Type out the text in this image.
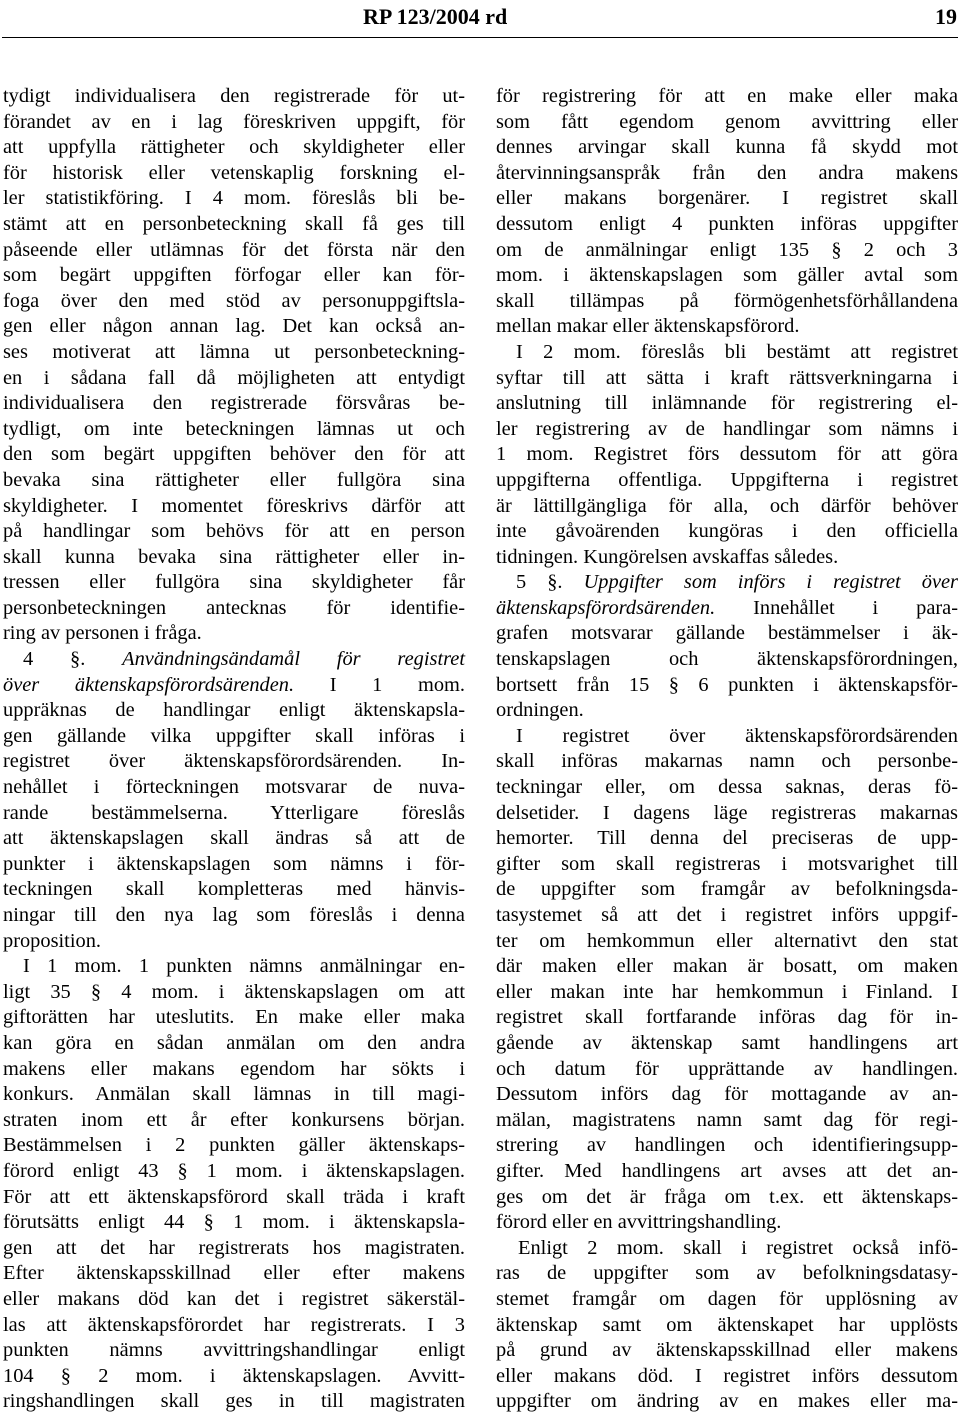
RP 123/2004 rd	19
tydigt individualisera den registrerade för ut-
förandet av en i lag föreskriven uppgift, för
att uppfylla rättigheter och skyldigheter eller
för historisk eller vetenskaplig forskning el-
ler statistikföring. I 4 mom. föreslås bli be-
stämt att en personbeteckning skall få ges till
påseende eller utlämnas för det första när den
som begärt uppgiften förfogar eller kan för-
foga över den med stöd av personuppgiftsla-
gen eller någon annan lag. Det kan också an-
ses motiverat att lämna ut personbeteckning-
en i sådana fall då möjligheten att entydigt
individualisera den registrerade försvåras be-
tydligt, om inte beteckningen lämnas ut och
den som begärt uppgiften behöver den för att
bevaka sina rättigheter eller fullgöra sina
skyldigheter. I momentet föreskrivs därför att
på handlingar som behövs för att en person
skall kunna bevaka sina rättigheter eller in-
tressen eller fullgöra sina skyldigheter får
personbeteckningen antecknas för identifie-
ring av personen i fråga.
4 §. Användningsändamål för registret
över äktenskapsförordsärenden. I 1 mom.
uppräknas de handlingar enligt äktenskapsla-
gen gällande vilka uppgifter skall införas i
registret över äktenskapsförordsärenden. In-
nehållet i förteckningen motsvarar de nuva-
rande bestämmelserna. Ytterligare föreslås
att äktenskapslagen skall ändras så att de
punkter i äktenskapslagen som nämns i för-
teckningen skall kompletteras med hänvis-
ningar till den nya lag som föreslås i denna
proposition.
I 1 mom. 1 punkten nämns anmälningar en-
ligt 35 § 4 mom. i äktenskapslagen om att
giftorätten har uteslutits. En make eller maka
kan göra en sådan anmälan om den andra
makens eller makans egendom har sökts i
konkurs. Anmälan skall lämnas in till magi-
straten inom ett år efter konkursens början.
Bestämmelsen i 2 punkten gäller äktenskaps-
förord enligt 43 § 1 mom. i äktenskapslagen.
För att ett äktenskapsförord skall träda i kraft
förutsätts enligt 44 § 1 mom. i äktenskapsla-
gen att det har registrerats hos magistraten.
Efter äktenskapsskillnad eller efter makens
eller makans död kan det i registret säkerstäl-
las att äktenskapsförordet har registrerats. I 3
punkten nämns avvittringshandlingar enligt
104 § 2 mom. i äktenskapslagen. Avvitt-
ringshandlingen skall ges in till magistraten
för registrering för att en make eller maka
som fått egendom genom avvittring eller
dennes arvingar skall kunna få skydd mot
återvinningsanspråk från den andra makens
eller makans borgenärer. I registret skall
dessutom enligt 4 punkten införas uppgifter
om de anmälningar enligt 135 § 2 och 3
mom. i äktenskapslagen som gäller avtal som
skall tillämpas på förmögenhetsförhållandena
mellan makar eller äktenskapsförord.
I 2 mom. föreslås bli bestämt att registret
syftar till att sätta i kraft rättsverkningarna i
anslutning till inlämnande för registrering el-
ler registrering av de handlingar som nämns i
1 mom. Registret förs dessutom för att göra
uppgifterna offentliga. Uppgifterna i registret
är lättillgängliga för alla, och därför behöver
inte gåvoärenden kungöras i den officiella
tidningen. Kungörelsen avskaffas således.
5 §. Uppgifter som införs i registret över
äktenskapsförordsärenden. Innehållet i para-
grafen motsvarar gällande bestämmelser i äk-
tenskapslagen och äktenskapsförordningen,
bortsett från 15 § 6 punkten i äktenskapsför-
ordningen.
I registret över äktenskapsförordsärenden
skall införas makarnas namn och personbe-
teckningar eller, om dessa saknas, deras fö-
delsetider. I dagens läge registreras makarnas
hemorter. Till denna del preciseras de upp-
gifter som skall registreras i motsvarighet till
de uppgifter som framgår av befolkningsda-
tasystemet så att det i registret införs uppgif-
ter om hemkommun eller alternativt den stat
där maken eller makan är bosatt, om maken
eller makan inte har hemkommun i Finland. I
registret skall fortfarande införas dag för in-
gående av äktenskap samt handlingens art
och datum för upprättande av handlingen.
Dessutom införs dag för mottagande av an-
mälan, magistratens namn samt dag för regi-
strering av handlingen och identifieringsupp-
gifter. Med handlingens art avses att det an-
ges om det är fråga om t.ex. ett äktenskaps-
förord eller en avvittringshandling.
Enligt 2 mom. skall i registret också infö-
ras de uppgifter som av befolkningsdatasy-
stemet framgår om dagen för upplösning av
äktenskap samt om äktenskapet har upplösts
på grund av äktenskapsskillnad eller makens
eller makans död. I registret införs dessutom
uppgifter om ändring av en makes eller ma-
